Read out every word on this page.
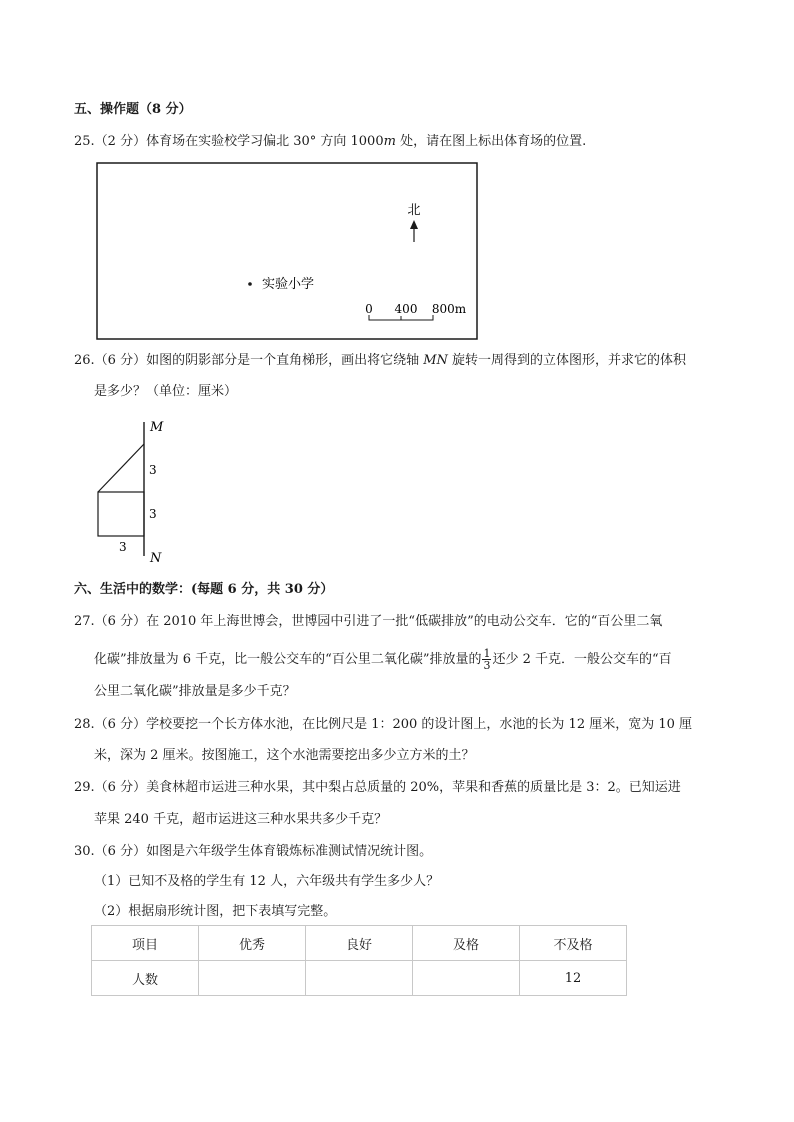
五、操作题（8 分）
25.（2 分）体育场在实验校学习偏北 30° 方向 1000m 处，请在图上标出体育场的位置.
北
实验小学
0 400 800m
26.（6 分）如图的阴影部分是一个直角梯形，画出将它绕轴 MN 旋转一周得到的立体图形，并求它的体积
是多少？（单位：厘米）
M
N
3
3
3
六、生活中的数学：(每题 6 分，共 30 分）
27.（6 分）在 2010 年上海世博会，世博园中引进了一批“低碳排放”的电动公交车．它的“百公里二氧
化碳”排放量为 6 千克，比一般公交车的“百公里二氧化碳”排放量的 $\frac{1}{3}$ 还少 2 千克．一般公交车的“百
公里二氧化碳”排放量是多少千克？
28.（6 分）学校要挖一个长方体水池，在比例尺是 1：200 的设计图上，水池的长为 12 厘米，宽为 10 厘
米，深为 2 厘米。按图施工，这个水池需要挖出多少立方米的土？
29.（6 分）美食林超市运进三种水果，其中梨占总质量的 20%，苹果和香蕉的质量比是 3：2。已知运进
苹果 240 千克，超市运进这三种水果共多少千克？
30.（6 分）如图是六年级学生体育锻炼标准测试情况统计图。
（1）已知不及格的学生有 12 人，六年级共有学生多少人？
（2）根据扇形统计图，把下表填写完整。
项目	优秀	良好	及格	不及格
人数				12
